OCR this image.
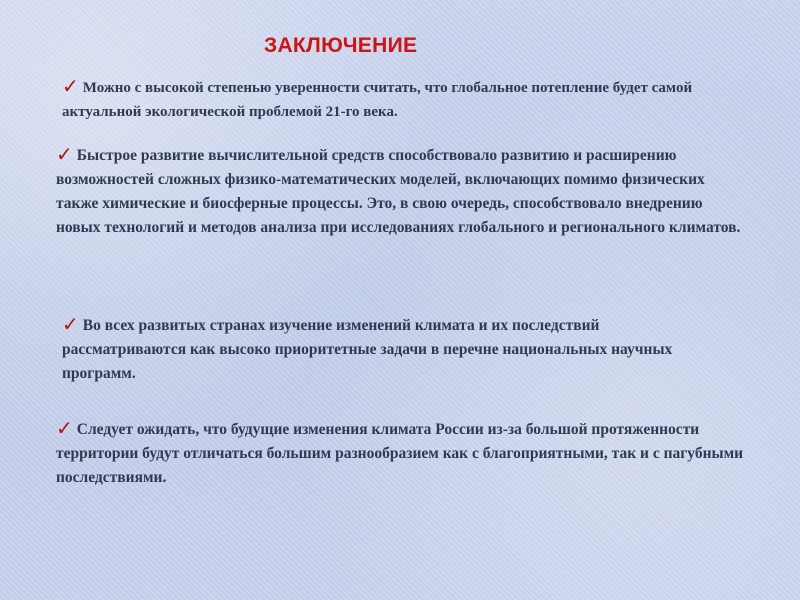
ЗАКЛЮЧЕНИЕ
✓ Можно с высокой степенью уверенности считать, что глобальное потепление будет самой актуальной экологической проблемой 21-го века.
✓ Быстрое развитие вычислительной средств способствовало развитию и расширению возможностей сложных физико-математических моделей, включающих помимо физических также химические и биосферные процессы. Это, в свою очередь, способствовало внедрению новых технологий и методов анализа при исследованиях глобального и регионального климатов.
✓ Во всех развитых странах изучение изменений климата и их последствий рассматриваются как высоко приоритетные задачи в перечне национальных научных программ.
✓ Следует ожидать, что будущие изменения климата России из-за большой протяженности территории будут отличаться большим разнообразием как с благоприятными, так и с пагубными последствиями.
